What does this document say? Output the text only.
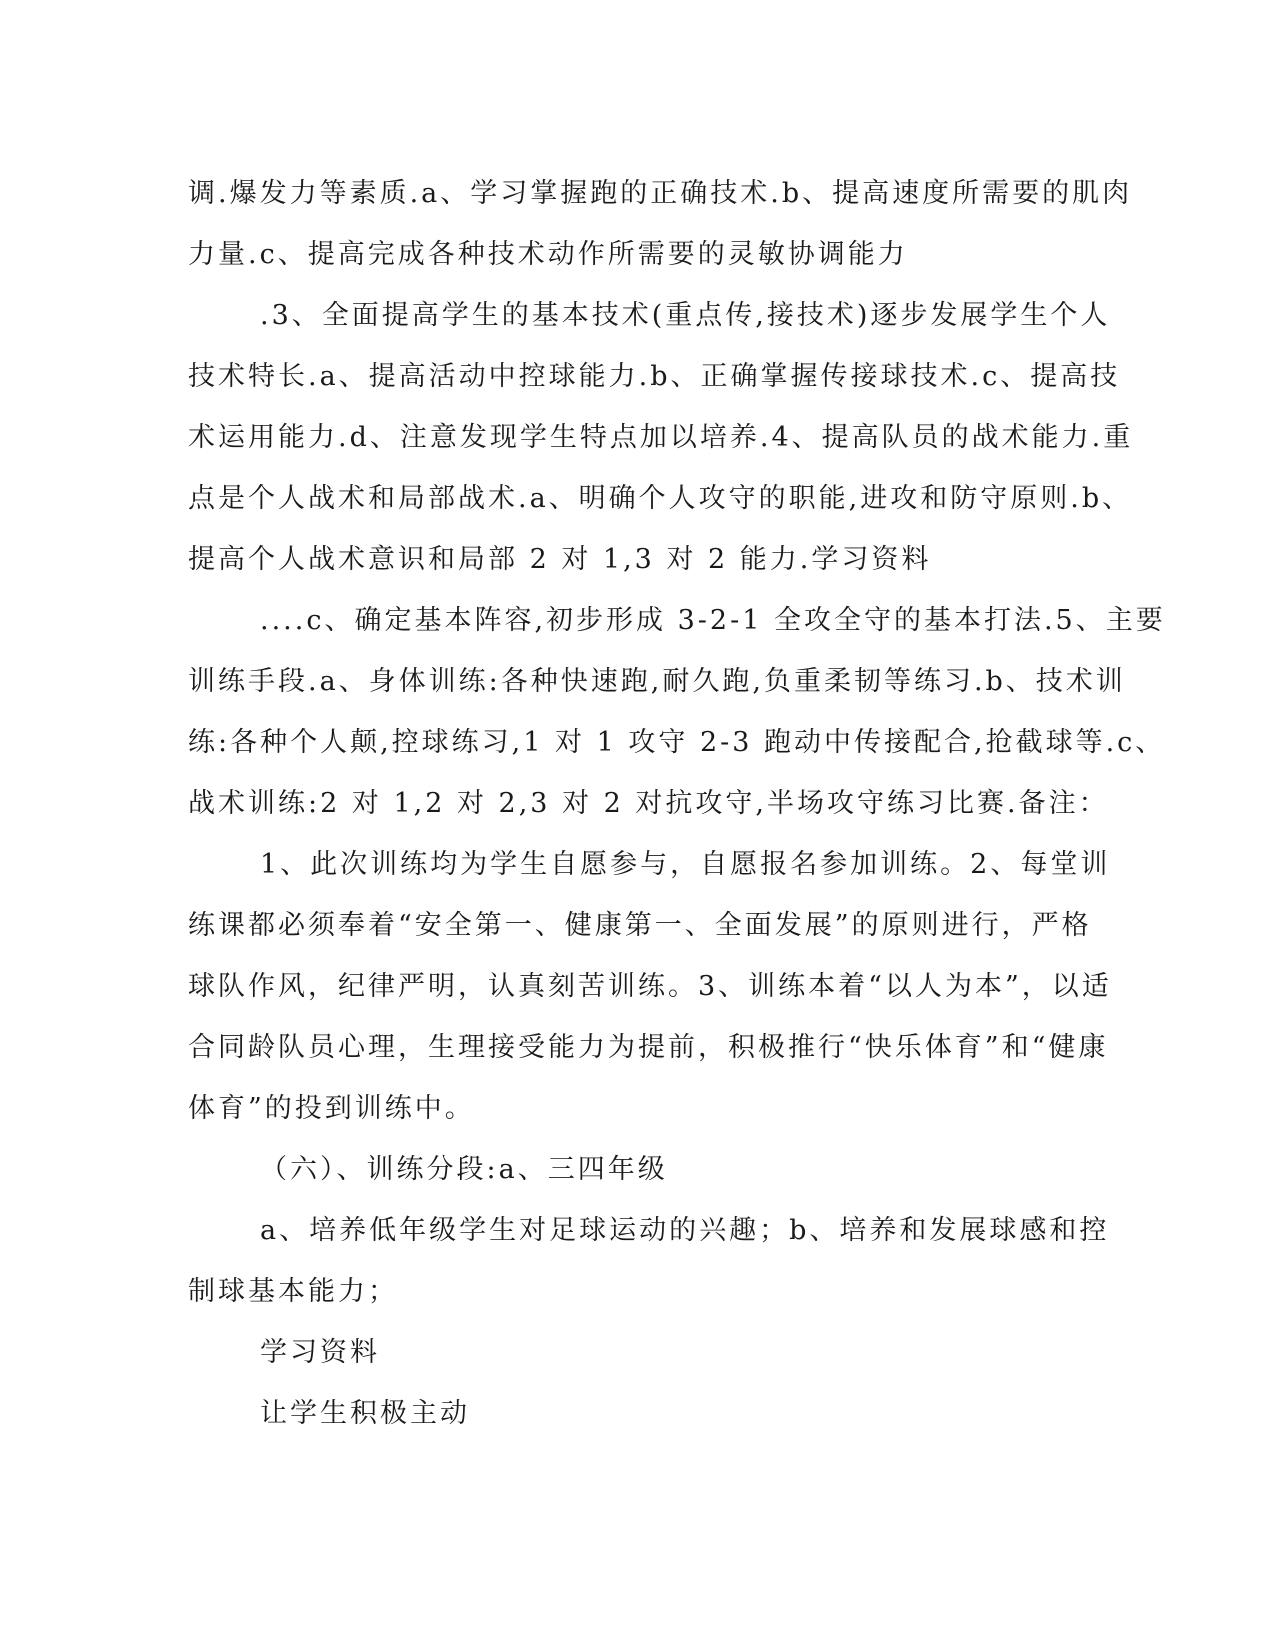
调.爆发力等素质.a、学习掌握跑的正确技术.b、提高速度所需要的肌肉
力量.c、提高完成各种技术动作所需要的灵敏协调能力
.3、全面提高学生的基本技术(重点传,接技术)逐步发展学生个人
技术特长.a、提高活动中控球能力.b、正确掌握传接球技术.c、提高技
术运用能力.d、注意发现学生特点加以培养.4、提高队员的战术能力.重
点是个人战术和局部战术.a、明确个人攻守的职能,进攻和防守原则.b、
提高个人战术意识和局部 2 对 1,3 对 2 能力.学习资料
....c、确定基本阵容,初步形成 3-2-1 全攻全守的基本打法.5、主要
训练手段.a、身体训练:各种快速跑,耐久跑,负重柔韧等练习.b、技术训
练:各种个人颠,控球练习,1 对 1 攻守 2-3 跑动中传接配合,抢截球等.c、
战术训练:2 对 1,2 对 2,3 对 2 对抗攻守,半场攻守练习比赛.备注：
1、此次训练均为学生自愿参与，自愿报名参加训练。2、每堂训
练课都必须奉着“安全第一、健康第一、全面发展”的原则进行，严格
球队作风，纪律严明，认真刻苦训练。3、训练本着“以人为本”，以适
合同龄队员心理，生理接受能力为提前，积极推行“快乐体育”和“健康
体育”的投到训练中。
（六）、训练分段:a、三四年级
a、培养低年级学生对足球运动的兴趣；b、培养和发展球感和控
制球基本能力；
学习资料
让学生积极主动
